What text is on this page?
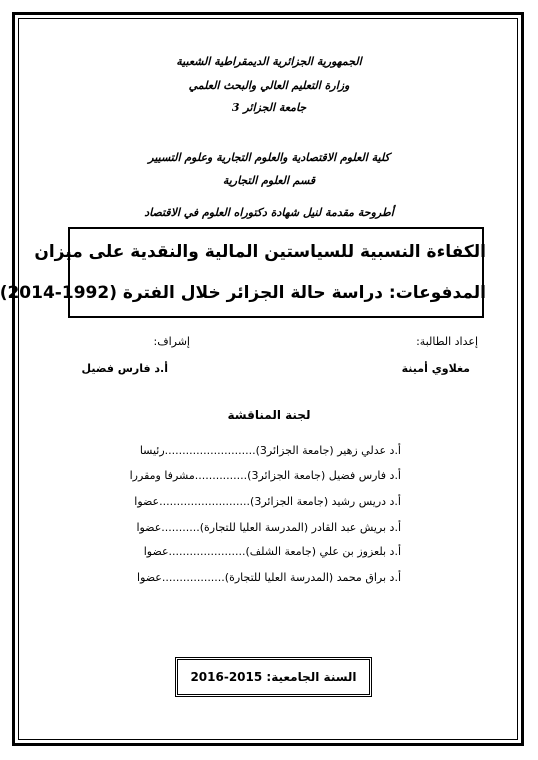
الجمهورية الجزائرية الديمقراطية الشعبية
وزارة التعليم العالي والبحث العلمي
جامعة الجزائر 3
كلية العلوم الاقتصادية والعلوم التجارية وعلوم التسيير
قسم العلوم التجارية
أطروحة مقدمة لنيل شهادة دكتوراه العلوم في الاقتصاد
الكفاءة النسبية للسياستين المالية والنقدية على ميزان
المدفوعات: دراسة حالة الجزائر خلال الفترة (1992-2014)
إعداد الطالبة:
مغلاوي أمينة
إشراف:
أ.د فارس فضيل
لجنة المناقشة
أ.د عدلي زهير (جامعة الجزائر3)..........................رئيسا
أ.د فارس فضيل (جامعة الجزائر3)...............مشرفا ومقررا
أ.د دريس رشيد (جامعة الجزائر3)..........................عضوا
أ.د بريش عبد القادر (المدرسة العليا للتجارة)...........عضوا
أ.د بلعزوز بن علي (جامعة الشلف)......................عضوا
أ.د براق محمد (المدرسة العليا للتجارة)..................عضوا
السنة الجامعية: 2015-2016
